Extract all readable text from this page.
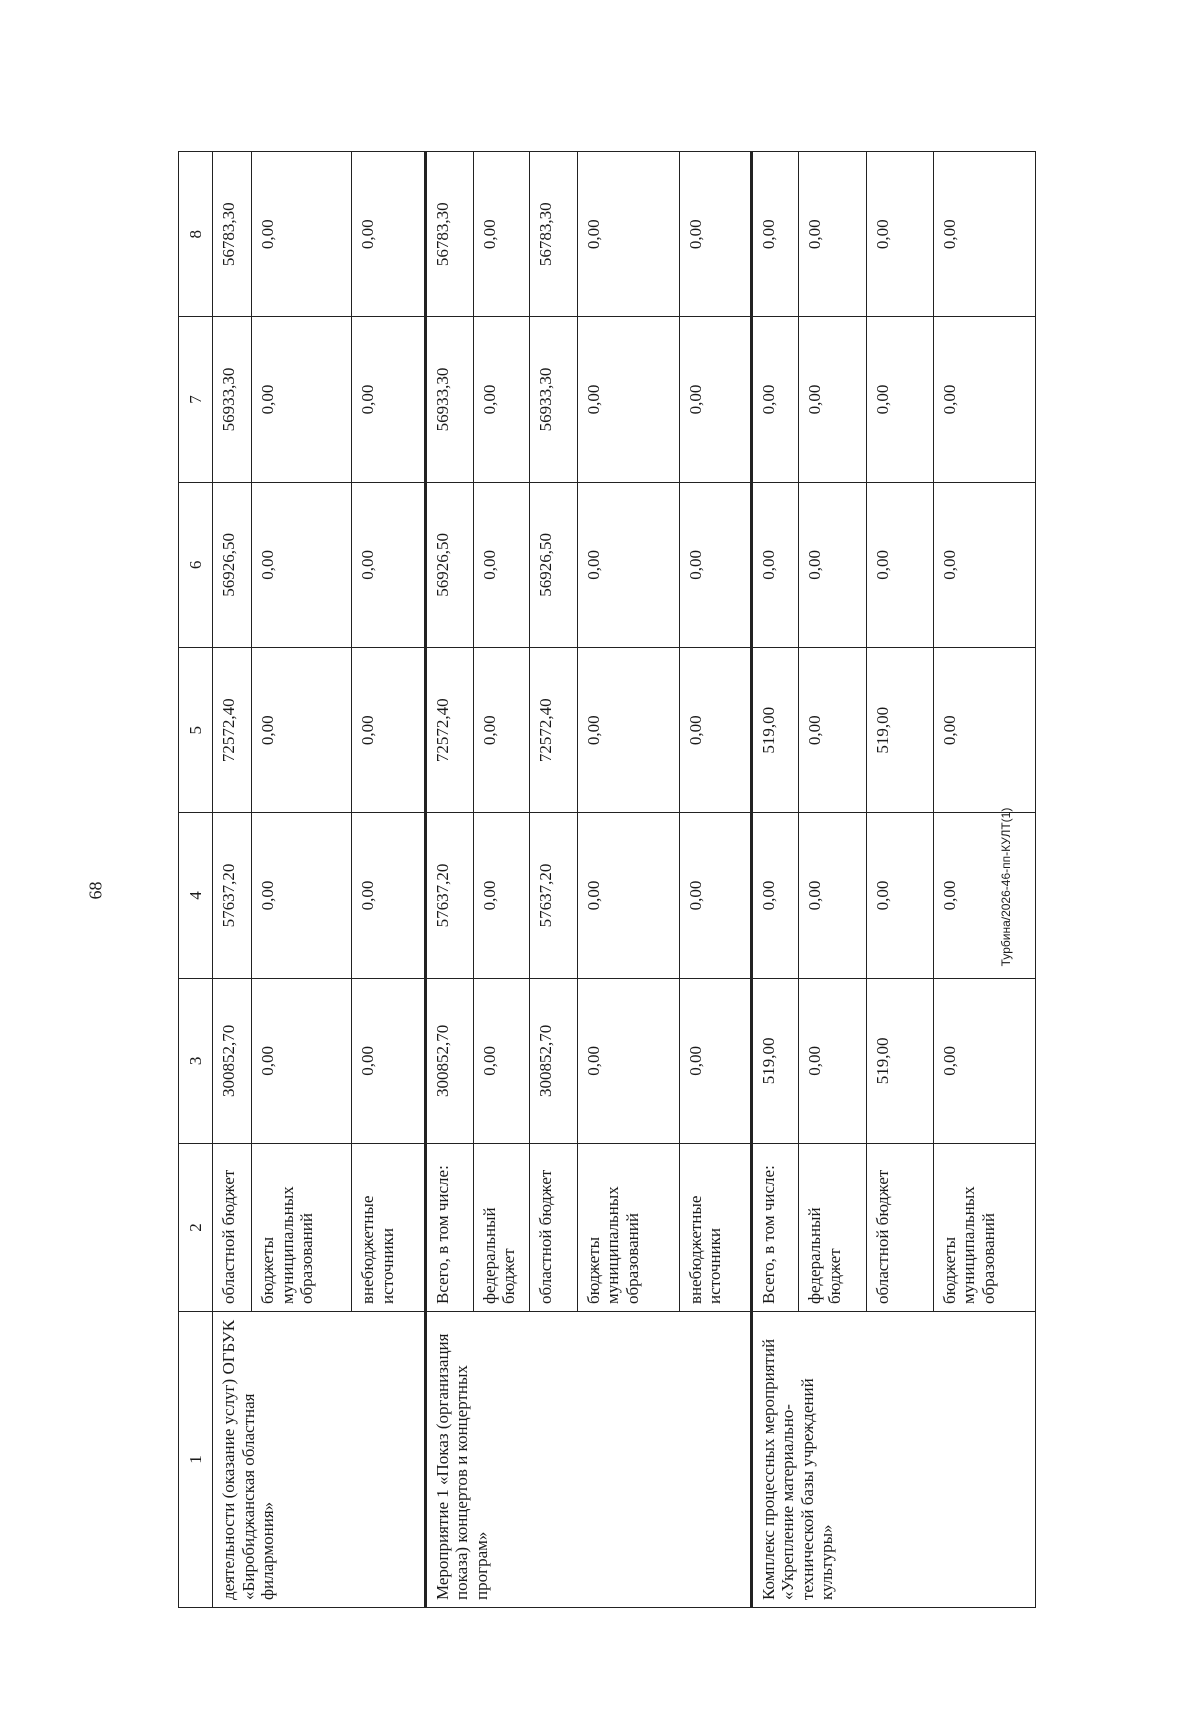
68
1	2	3	4	5	6	7	8
деятельности (оказание услуг) ОГБУК «Биробиджанская областная филармония»	областной бюджет	300852,70	57637,20	72572,40	56926,50	56933,30	56783,30
	бюджеты муниципальных образований	0,00	0,00	0,00	0,00	0,00	0,00
	внебюджетные источники	0,00	0,00	0,00	0,00	0,00	0,00
Мероприятие 1 «Показ (организация показа) концертов и концертных програм»	Всего, в том числе:	300852,70	57637,20	72572,40	56926,50	56933,30	56783,30
	федеральный бюджет	0,00	0,00	0,00	0,00	0,00	0,00
	областной бюджет	300852,70	57637,20	72572,40	56926,50	56933,30	56783,30
	бюджеты муниципальных образований	0,00	0,00	0,00	0,00	0,00	0,00
	внебюджетные источники	0,00	0,00	0,00	0,00	0,00	0,00
Комплекс процессных мероприятий «Укрепление материально-технической базы учреждений культуры»	Всего, в том числе:	519,00	0,00	519,00	0,00	0,00	0,00
	федеральный бюджет	0,00	0,00	0,00	0,00	0,00	0,00
	областной бюджет	519,00	0,00	519,00	0,00	0,00	0,00
	бюджеты муниципальных образований	0,00	0,00	0,00	0,00	0,00	0,00
Турбина/2026-46-пп-КУЛТ(1)
